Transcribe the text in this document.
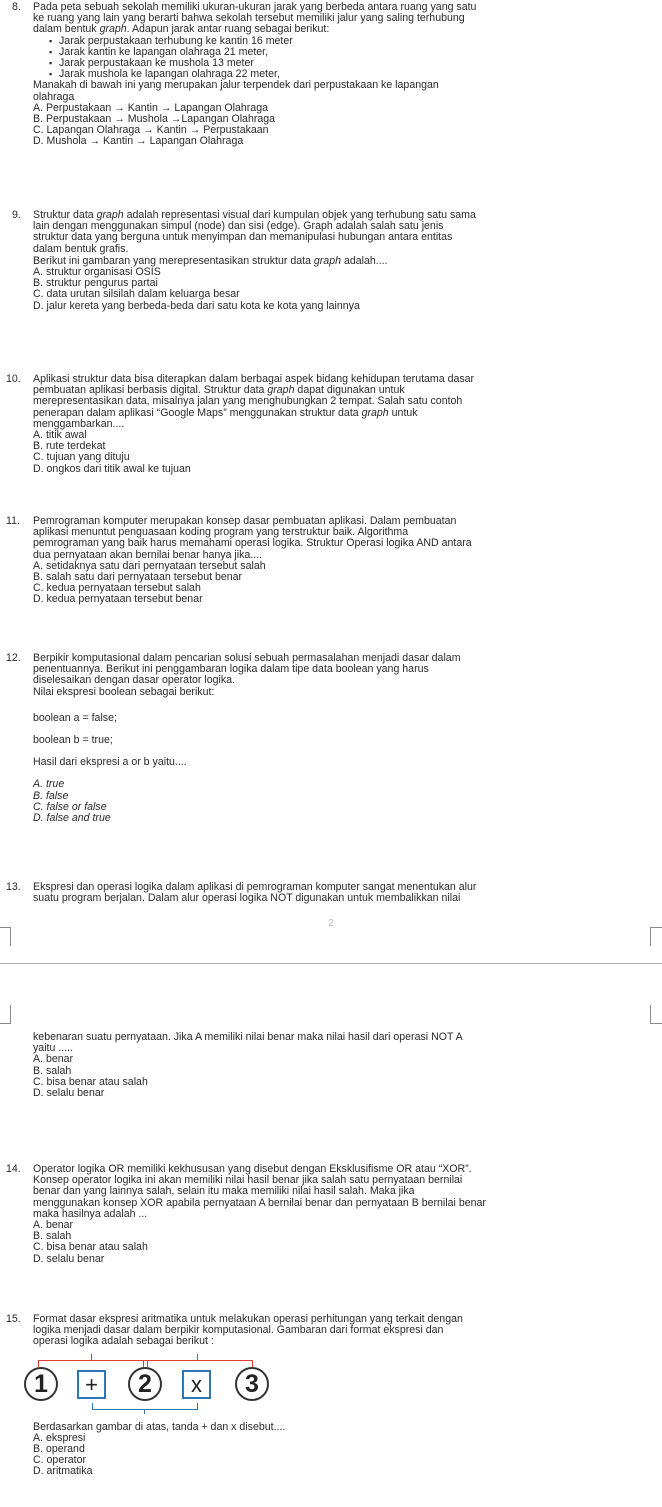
8. Pada peta sebuah sekolah memiliki ukuran-ukuran jarak yang berbeda antara ruang yang satu
ke ruang yang lain yang berarti bahwa sekolah tersebut memiliki jalur yang saling terhubung
dalam bentuk graph. Adapun jarak antar ruang sebagai berikut:
▪ Jarak perpustakaan terhubung ke kantin 16 meter
▪ Jarak kantin ke lapangan olahraga 21 meter,
▪ Jarak perpustakaan ke mushola 13 meter
▪ Jarak mushola ke lapangan olahraga 22 meter,
Manakah di bawah ini yang merupakan jalur terpendek dari perpustakaan ke lapangan
olahraga
A. Perpustakaan → Kantin → Lapangan Olahraga
B. Perpustakaan → Mushola →Lapangan Olahraga
C. Lapangan Olahraga → Kantin → Perpustakaan
D. Mushola → Kantin → Lapangan Olahraga
9. Struktur data graph adalah representasi visual dari kumpulan objek yang terhubung satu sama
lain dengan menggunakan simpul (node) dan sisi (edge). Graph adalah salah satu jenis
struktur data yang berguna untuk menyimpan dan memanipulasi hubungan antara entitas
dalam bentuk grafis.
Berikut ini gambaran yang merepresentasikan struktur data graph adalah....
A. struktur organisasi OSIS
B. struktur pengurus partai
C. data urutan silsilah dalam keluarga besar
D. jalur kereta yang berbeda-beda dari satu kota ke kota yang lainnya
10. Aplikasi struktur data bisa diterapkan dalam berbagai aspek bidang kehidupan terutama dasar
pembuatan aplikasi berbasis digital. Struktur data graph dapat digunakan untuk
merepresentasikan data, misalnya jalan yang menghubungkan 2 tempat. Salah satu contoh
penerapan dalam aplikasi “Google Maps” menggunakan struktur data graph untuk
menggambarkan....
A. titik awal
B. rute terdekat
C. tujuan yang dituju
D. ongkos dari titik awal ke tujuan
11. Pemrograman komputer merupakan konsep dasar pembuatan aplikasi. Dalam pembuatan
aplikasi menuntut penguasaan koding program yang terstruktur baik. Algorithma
pemrograman yang baik harus memahami operasi logika. Struktur Operasi logika AND antara
dua pernyataan akan bernilai benar hanya jika....
A. setidaknya satu dari pernyataan tersebut salah
B. salah satu dari pernyataan tersebut benar
C. kedua pernyataan tersebut salah
D. kedua pernyataan tersebut benar
12. Berpikir komputasional dalam pencarian solusi sebuah permasalahan menjadi dasar dalam
penentuannya. Berikut ini penggambaran logika dalam tipe data boolean yang harus
diselesaikan dengan dasar operator logika.
Nilai ekspresi boolean sebagai berikut:
boolean a = false;
boolean b = true;
Hasil dari ekspresi a or b yaitu....
A. true
B. false
C. false or false
D. false and true
13. Ekspresi dan operasi logika dalam aplikasi di pemrograman komputer sangat menentukan alur
suatu program berjalan. Dalam alur operasi logika NOT digunakan untuk membalikkan nilai
2
kebenaran suatu pernyataan. Jika A memiliki nilai benar maka nilai hasil dari operasi NOT A
yaitu .....
A. benar
B. salah
C. bisa benar atau salah
D. selalu benar
14. Operator logika OR memiliki kekhususan yang disebut dengan Eksklusifisme OR atau “XOR”.
Konsep operator logika ini akan memiliki nilai hasil benar jika salah satu pernyataan bernilai
benar dan yang lainnya salah, selain itu maka memiliki nilai hasil salah. Maka jika
menggunakan konsep XOR apabila pernyataan A bernilai benar dan pernyataan B bernilai benar
maka hasilnya adalah ...
A. benar
B. salah
C. bisa benar atau salah
D. selalu benar
15. Format dasar ekspresi aritmatika untuk melakukan operasi perhitungan yang terkait dengan
logika menjadi dasar dalam berpikir komputasional. Gambaran dari format ekspresi dan
operasi logika adalah sebagai berikut :
1	+	2	x	3
Berdasarkan gambar di atas, tanda + dan x disebut....
A. ekspresi
B. operand
C. operator
D. aritmatika
